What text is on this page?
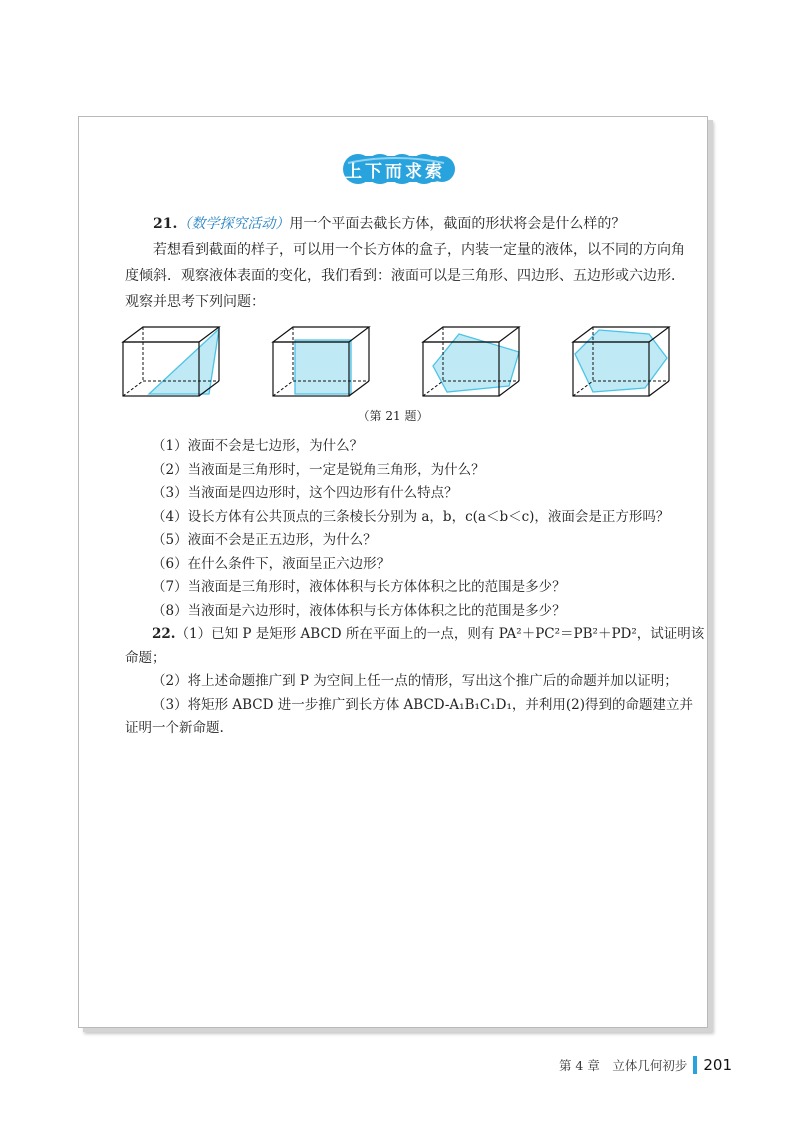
上下而求索

21.（数学探究活动）用一个平面去截长方体，截面的形状将会是什么样的？

若想看到截面的样子，可以用一个长方体的盒子，内装一定量的液体，以不同的方向角度倾斜．观察液体表面的变化，我们看到：液面可以是三角形、四边形、五边形或六边形．观察并思考下列问题：

（第 21 题）

（1）液面不会是七边形，为什么？

（2）当液面是三角形时，一定是锐角三角形，为什么？

（3）当液面是四边形时，这个四边形有什么特点？

（4）设长方体有公共顶点的三条棱长分别为 a，b，c(a＜b＜c)，液面会是正方形吗？

（5）液面不会是正五边形，为什么？

（6）在什么条件下，液面呈正六边形？

（7）当液面是三角形时，液体体积与长方体体积之比的范围是多少？

（8）当液面是六边形时，液体体积与长方体体积之比的范围是多少？

22.（1）已知 P 是矩形 ABCD 所在平面上的一点，则有 PA²＋PC²＝PB²＋PD²，试证明该命题；

（2）将上述命题推广到 P 为空间上任一点的情形，写出这个推广后的命题并加以证明；

（3）将矩形 ABCD 进一步推广到长方体 ABCD-A₁B₁C₁D₁，并利用(2)得到的命题建立并证明一个新命题.

第 4 章　立体几何初步 201
